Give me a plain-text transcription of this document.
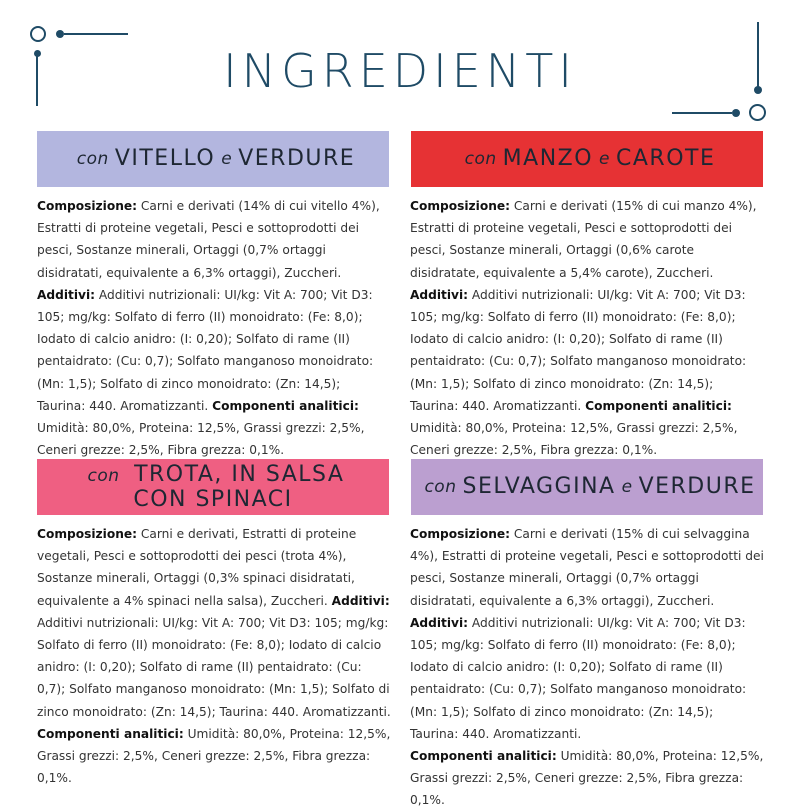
INGREDIENTI
con VITELLO e VERDURE
Composizione: Carni e derivati (14% di cui vitello 4%), Estratti di proteine vegetali, Pesci e sottoprodotti dei pesci, Sostanze minerali, Ortaggi (0,7% ortaggi disidratati, equivalente a 6,3% ortaggi), Zuccheri. Additivi: Additivi nutrizionali: UI/kg: Vit A: 700; Vit D3: 105; mg/kg: Solfato di ferro (II) monoidrato: (Fe: 8,0); Iodato di calcio anidro: (I: 0,20); Solfato di rame (II) pentaidrato: (Cu: 0,7); Solfato manganoso monoidrato: (Mn: 1,5); Solfato di zinco monoidrato: (Zn: 14,5); Taurina: 440. Aromatizzanti. Componenti analitici: Umidità: 80,0%, Proteina: 12,5%, Grassi grezzi: 2,5%, Ceneri grezze: 2,5%, Fibra grezza: 0,1%.
con MANZO e CAROTE
Composizione: Carni e derivati (15% di cui manzo 4%), Estratti di proteine vegetali, Pesci e sottoprodotti dei pesci, Sostanze minerali, Ortaggi (0,6% carote disidratate, equivalente a 5,4% carote), Zuccheri. Additivi: Additivi nutrizionali: UI/kg: Vit A: 700; Vit D3: 105; mg/kg: Solfato di ferro (II) monoidrato: (Fe: 8,0); Iodato di calcio anidro: (I: 0,20); Solfato di rame (II) pentaidrato: (Cu: 0,7); Solfato manganoso monoidrato: (Mn: 1,5); Solfato di zinco monoidrato: (Zn: 14,5); Taurina: 440. Aromatizzanti. Componenti analitici: Umidità: 80,0%, Proteina: 12,5%, Grassi grezzi: 2,5%, Ceneri grezze: 2,5%, Fibra grezza: 0,1%.
con TROTA, IN SALSA
CON SPINACI
Composizione: Carni e derivati, Estratti di proteine vegetali, Pesci e sottoprodotti dei pesci (trota 4%), Sostanze minerali, Ortaggi (0,3% spinaci disidratati, equivalente a 4% spinaci nella salsa), Zuccheri. Additivi: Additivi nutrizionali: UI/kg: Vit A: 700; Vit D3: 105; mg/kg: Solfato di ferro (II) monoidrato: (Fe: 8,0); Iodato di calcio anidro: (I: 0,20); Solfato di rame (II) pentaidrato: (Cu: 0,7); Solfato manganoso monoidrato: (Mn: 1,5); Solfato di zinco monoidrato: (Zn: 14,5); Taurina: 440. Aromatizzanti. Componenti analitici: Umidità: 80,0%, Proteina: 12,5%, Grassi grezzi: 2,5%, Ceneri grezze: 2,5%, Fibra grezza: 0,1%.
con SELVAGGINA e VERDURE
Composizione: Carni e derivati (15% di cui selvaggina 4%), Estratti di proteine vegetali, Pesci e sottoprodotti dei pesci, Sostanze minerali, Ortaggi (0,7% ortaggi disidratati, equivalente a 6,3% ortaggi), Zuccheri. Additivi: Additivi nutrizionali: UI/kg: Vit A: 700; Vit D3: 105; mg/kg: Solfato di ferro (II) monoidrato: (Fe: 8,0); Iodato di calcio anidro: (I: 0,20); Solfato di rame (II) pentaidrato: (Cu: 0,7); Solfato manganoso monoidrato: (Mn: 1,5); Solfato di zinco monoidrato: (Zn: 14,5); Taurina: 440. Aromatizzanti.
Componenti analitici: Umidità: 80,0%, Proteina: 12,5%, Grassi grezzi: 2,5%, Ceneri grezze: 2,5%, Fibra grezza: 0,1%.
